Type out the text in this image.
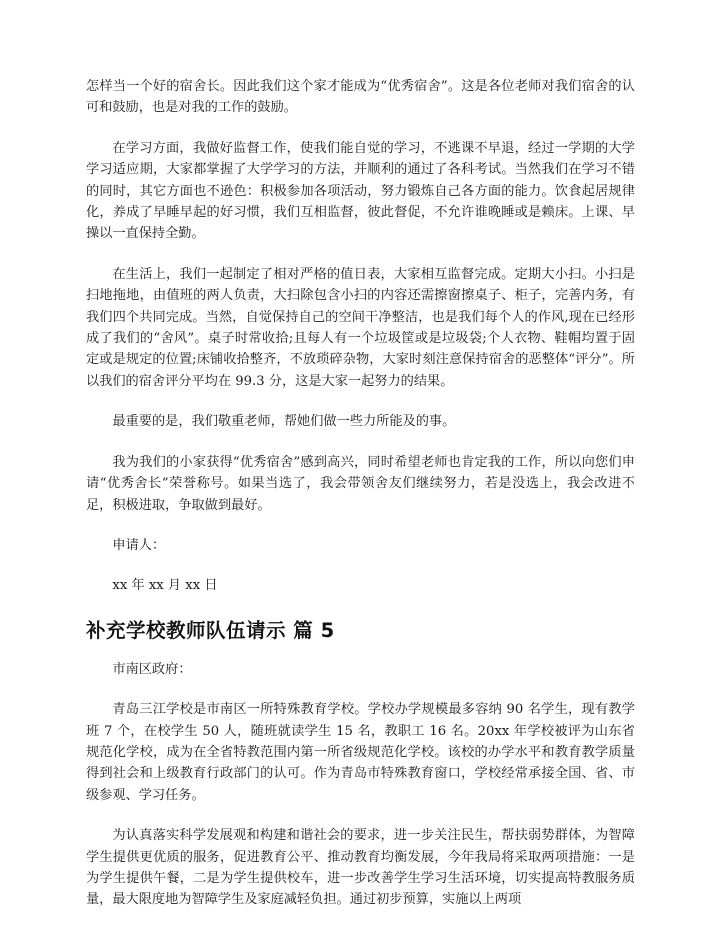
怎样当一个好的宿舍长。因此我们这个家才能成为“优秀宿舍”。这是各位老师对我们宿舍的认可和鼓励，也是对我的工作的鼓励。

在学习方面，我做好监督工作，使我们能自觉的学习，不逃课不早退，经过一学期的大学学习适应期，大家都掌握了大学学习的方法，并顺利的通过了各科考试。当然我们在学习不错的同时，其它方面也不逊色：积极参加各项活动，努力锻炼自己各方面的能力。饮食起居规律化，养成了早睡早起的好习惯，我们互相监督，彼此督促，不允许谁晚睡或是赖床。上课、早操以一直保持全勤。

在生活上，我们一起制定了相对严格的值日表，大家相互监督完成。定期大小扫。小扫是扫地拖地，由值班的两人负责，大扫除包含小扫的内容还需擦窗擦桌子、柜子，完善内务，有我们四个共同完成。当然，自觉保持自己的空间干净整洁，也是我们每个人的作风,现在已经形成了我们的“舍风”。桌子时常收拾;且每人有一个垃圾筐或是垃圾袋;个人衣物、鞋帽均置于固定或是规定的位置;床铺收拾整齐，不放琐碎杂物，大家时刻注意保持宿舍的恶整体“评分”。所以我们的宿舍评分平均在 99.3 分，这是大家一起努力的结果。

最重要的是，我们敬重老师，帮她们做一些力所能及的事。

我为我们的小家获得“优秀宿舍”感到高兴，同时希望老师也肯定我的工作，所以向您们申请“优秀舍长”荣誉称号。如果当选了，我会带领舍友们继续努力，若是没选上，我会改进不足，积极进取，争取做到最好。

申请人：

xx 年 xx 月 xx 日

补充学校教师队伍请示 篇 5

市南区政府：

青岛三江学校是市南区一所特殊教育学校。学校办学规模最多容纳 90 名学生，现有教学班 7 个，在校学生 50 人，随班就读学生 15 名，教职工 16 名。20xx 年学校被评为山东省规范化学校，成为在全省特教范围内第一所省级规范化学校。该校的办学水平和教育教学质量得到社会和上级教育行政部门的认可。作为青岛市特殊教育窗口，学校经常承接全国、省、市级参观、学习任务。

为认真落实科学发展观和构建和谐社会的要求，进一步关注民生，帮扶弱势群体，为智障学生提供更优质的服务，促进教育公平、推动教育均衡发展，今年我局将采取两项措施：一是为学生提供午餐，二是为学生提供校车，进一步改善学生学习生活环境，切实提高特教服务质量，最大限度地为智障学生及家庭减轻负担。通过初步预算，实施以上两项
